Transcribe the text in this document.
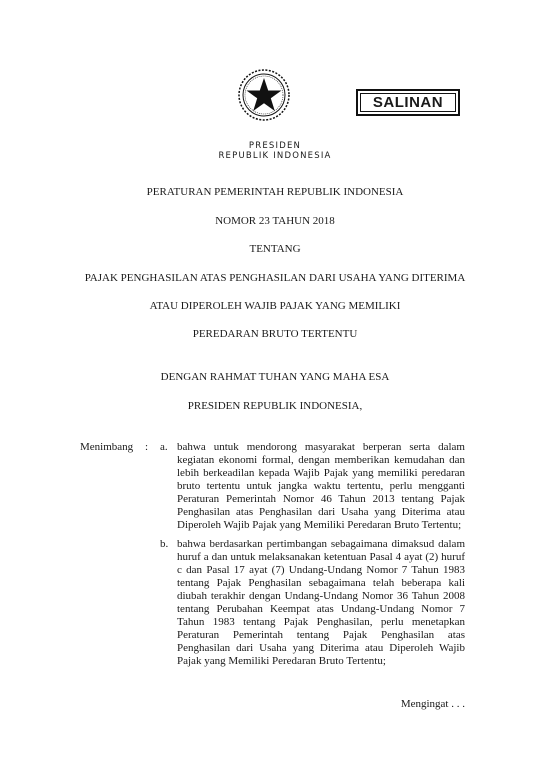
SALINAN
PRESIDEN
REPUBLIK INDONESIA
PERATURAN PEMERINTAH REPUBLIK INDONESIA
NOMOR 23 TAHUN 2018
TENTANG
PAJAK PENGHASILAN ATAS PENGHASILAN DARI USAHA YANG DITERIMA
ATAU DIPEROLEH WAJIB PAJAK YANG MEMILIKI
PEREDARAN BRUTO TERTENTU
DENGAN RAHMAT TUHAN YANG MAHA ESA
PRESIDEN REPUBLIK INDONESIA,
Menimbang : a. bahwa untuk mendorong masyarakat berperan serta dalam kegiatan ekonomi formal, dengan memberikan kemudahan dan lebih berkeadilan kepada Wajib Pajak yang memiliki peredaran bruto tertentu untuk jangka waktu tertentu, perlu mengganti Peraturan Pemerintah Nomor 46 Tahun 2013 tentang Pajak Penghasilan atas Penghasilan dari Usaha yang Diterima atau Diperoleh Wajib Pajak yang Memiliki Peredaran Bruto Tertentu;
b. bahwa berdasarkan pertimbangan sebagaimana dimaksud dalam huruf a dan untuk melaksanakan ketentuan Pasal 4 ayat (2) huruf c dan Pasal 17 ayat (7) Undang-Undang Nomor 7 Tahun 1983 tentang Pajak Penghasilan sebagaimana telah beberapa kali diubah terakhir dengan Undang-Undang Nomor 36 Tahun 2008 tentang Perubahan Keempat atas Undang-Undang Nomor 7 Tahun 1983 tentang Pajak Penghasilan, perlu menetapkan Peraturan Pemerintah tentang Pajak Penghasilan atas Penghasilan dari Usaha yang Diterima atau Diperoleh Wajib Pajak yang Memiliki Peredaran Bruto Tertentu;
Mengingat . . .
